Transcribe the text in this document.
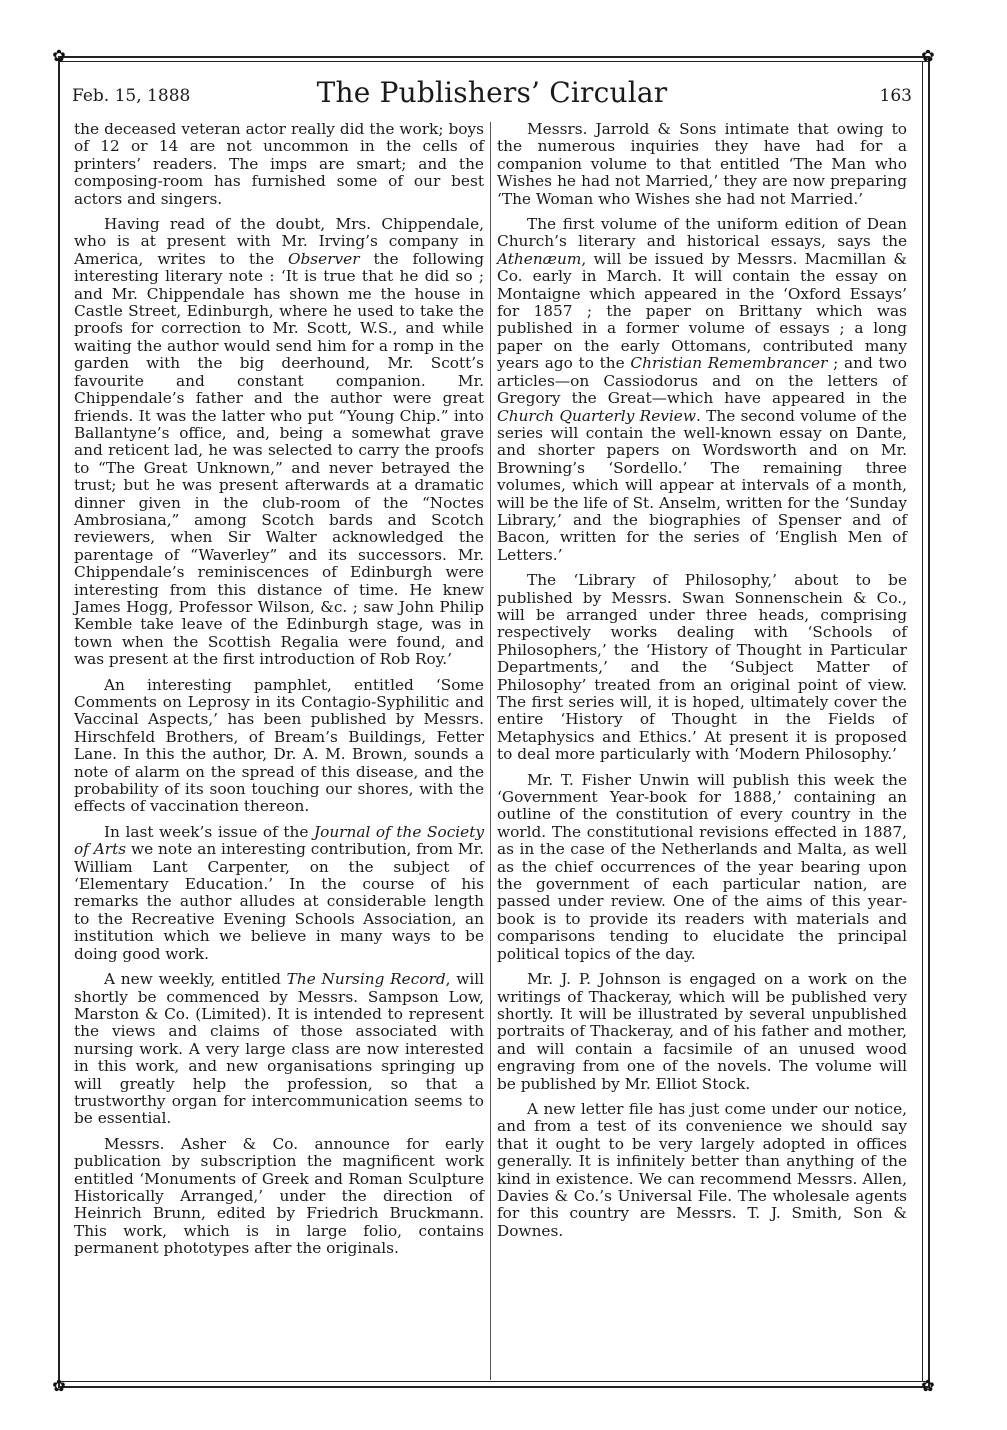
✿	✿
✿	✿
Feb. 15, 1888	The Publishers’ Circular	163

the deceased veteran actor really did the work; boys of 12 or 14 are not uncommon in the cells of printers’ readers. The imps are smart; and the composing-room has furnished some of our best actors and singers.

Having read of the doubt, Mrs. Chippendale, who is at present with Mr. Irving’s company in America, writes to the Observer the following interesting literary note : ‘It is true that he did so ; and Mr. Chippendale has shown me the house in Castle Street, Edinburgh, where he used to take the proofs for correction to Mr. Scott, W.S., and while waiting the author would send him for a romp in the garden with the big deerhound, Mr. Scott’s favourite and constant companion. Mr. Chippendale’s father and the author were great friends. It was the latter who put “Young Chip.” into Ballantyne’s office, and, being a somewhat grave and reticent lad, he was selected to carry the proofs to “The Great Unknown,” and never betrayed the trust; but he was present afterwards at a dramatic dinner given in the club-room of the “Noctes Ambrosiana,” among Scotch bards and Scotch reviewers, when Sir Walter acknowledged the parentage of “Waverley” and its successors. Mr. Chippendale’s reminiscences of Edinburgh were interesting from this distance of time. He knew James Hogg, Professor Wilson, &c. ; saw John Philip Kemble take leave of the Edinburgh stage, was in town when the Scottish Regalia were found, and was present at the first introduction of Rob Roy.’

An interesting pamphlet, entitled ‘Some Comments on Leprosy in its Contagio-Syphilitic and Vaccinal Aspects,’ has been published by Messrs. Hirschfeld Brothers, of Bream’s Buildings, Fetter Lane. In this the author, Dr. A. M. Brown, sounds a note of alarm on the spread of this disease, and the probability of its soon touching our shores, with the effects of vaccination thereon.

In last week’s issue of the Journal of the Society of Arts we note an interesting contribution, from Mr. William Lant Carpenter, on the subject of ‘Elementary Education.’ In the course of his remarks the author alludes at considerable length to the Recreative Evening Schools Association, an institution which we believe in many ways to be doing good work.

A new weekly, entitled The Nursing Record, will shortly be commenced by Messrs. Sampson Low, Marston & Co. (Limited). It is intended to represent the views and claims of those associated with nursing work. A very large class are now interested in this work, and new organisations springing up will greatly help the profession, so that a trustworthy organ for intercommunication seems to be essential.

Messrs. Asher & Co. announce for early publication by subscription the magnificent work entitled ‘Monuments of Greek and Roman Sculpture Historically Arranged,’ under the direction of Heinrich Brunn, edited by Friedrich Bruckmann. This work, which is in large folio, contains permanent phototypes after the originals.

Messrs. Jarrold & Sons intimate that owing to the numerous inquiries they have had for a companion volume to that entitled ‘The Man who Wishes he had not Married,’ they are now preparing ‘The Woman who Wishes she had not Married.’

The first volume of the uniform edition of Dean Church’s literary and historical essays, says the Athenæum, will be issued by Messrs. Macmillan & Co. early in March. It will contain the essay on Montaigne which appeared in the ‘Oxford Essays’ for 1857 ; the paper on Brittany which was published in a former volume of essays ; a long paper on the early Ottomans, contributed many years ago to the Christian Remembrancer ; and two articles—on Cassiodorus and on the letters of Gregory the Great—which have appeared in the Church Quarterly Review. The second volume of the series will contain the well-known essay on Dante, and shorter papers on Wordsworth and on Mr. Browning’s ‘Sordello.’ The remaining three volumes, which will appear at intervals of a month, will be the life of St. Anselm, written for the ‘Sunday Library,’ and the biographies of Spenser and of Bacon, written for the series of ‘English Men of Letters.’

The ‘Library of Philosophy,’ about to be published by Messrs. Swan Sonnenschein & Co., will be arranged under three heads, comprising respectively works dealing with ‘Schools of Philosophers,’ the ‘History of Thought in Particular Departments,’ and the ‘Subject Matter of Philosophy’ treated from an original point of view. The first series will, it is hoped, ultimately cover the entire ‘History of Thought in the Fields of Metaphysics and Ethics.’ At present it is proposed to deal more particularly with ‘Modern Philosophy.’

Mr. T. Fisher Unwin will publish this week the ‘Government Year-book for 1888,’ containing an outline of the constitution of every country in the world. The constitutional revisions effected in 1887, as in the case of the Netherlands and Malta, as well as the chief occurrences of the year bearing upon the government of each particular nation, are passed under review. One of the aims of this year-book is to provide its readers with materials and comparisons tending to elucidate the principal political topics of the day.

Mr. J. P. Johnson is engaged on a work on the writings of Thackeray, which will be published very shortly. It will be illustrated by several unpublished portraits of Thackeray, and of his father and mother, and will contain a facsimile of an unused wood engraving from one of the novels. The volume will be published by Mr. Elliot Stock.

A new letter file has just come under our notice, and from a test of its convenience we should say that it ought to be very largely adopted in offices generally. It is infinitely better than anything of the kind in existence. We can recommend Messrs. Allen, Davies & Co.’s Universal File. The wholesale agents for this country are Messrs. T. J. Smith, Son & Downes.
